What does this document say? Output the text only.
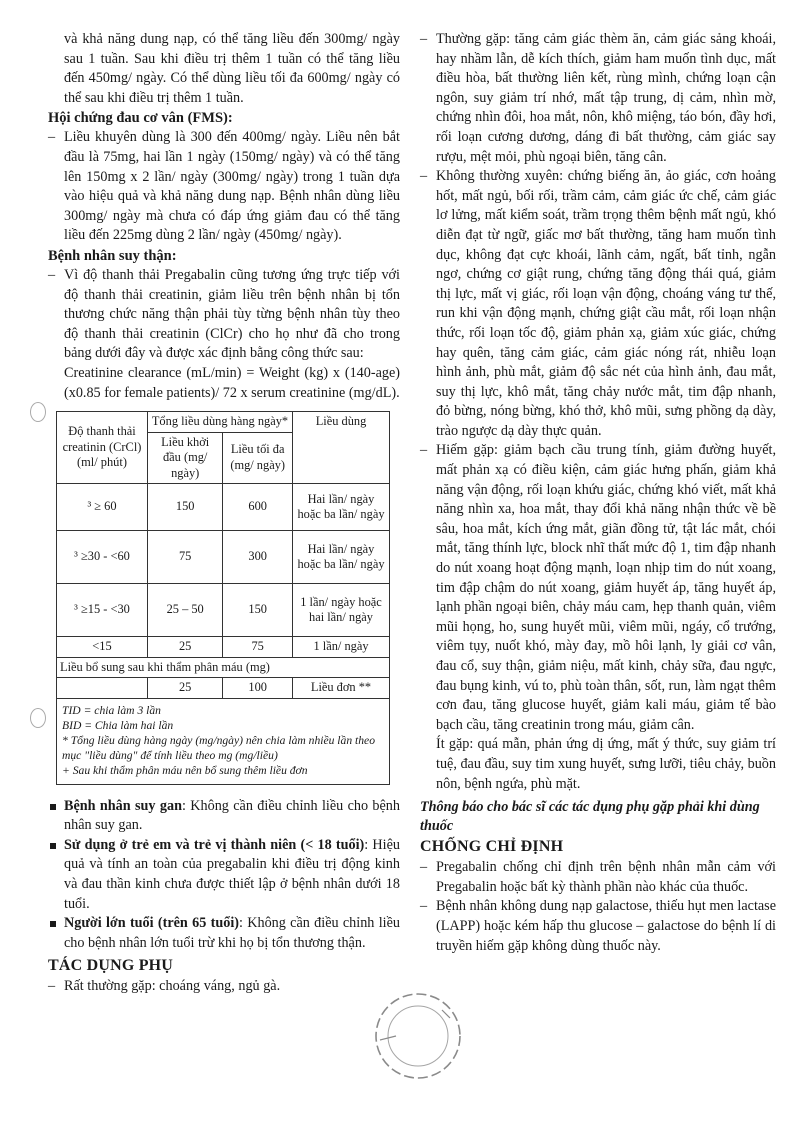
và khả năng dung nạp, có thể tăng liều đến 300mg/ ngày sau 1 tuần. Sau khi điều trị thêm 1 tuần có thể tăng liều đến 450mg/ ngày. Có thể dùng liều tối đa 600mg/ ngày có thể sau khi điều trị thêm 1 tuần.

Hội chứng đau cơ vân (FMS):

– Liều khuyên dùng là 300 đến 400mg/ ngày. Liều nên bắt đầu là 75mg, hai lần 1 ngày (150mg/ ngày) và có thể tăng lên 150mg x 2 lần/ ngày (300mg/ ngày) trong 1 tuần dựa vào hiệu quả và khả năng dung nạp. Bệnh nhân dùng liều 300mg/ ngày mà chưa có đáp ứng giảm đau có thể tăng liều đến 225mg dùng 2 lần/ ngày (450mg/ ngày).

Bệnh nhân suy thận:

– Vì độ thanh thải Pregabalin cũng tương ứng trực tiếp với độ thanh thải creatinin, giảm liều trên bệnh nhân bị tổn thương chức năng thận phải tùy từng bệnh nhân tùy theo độ thanh thải creatinin (ClCr) cho họ như đã cho trong bảng dưới đây và được xác định bằng công thức sau:

Creatinine clearance (mL/min) = Weight (kg) x (140-age) (x0.85 for female patients)/ 72 x serum creatinine (mg/dL).

Độ thanh thải creatinin (CrCl) (ml/ phút)	Tổng liều dùng hàng ngày*		Liều dùng
	Liều khởi đầu (mg/ ngày)	Liều tối đa (mg/ ngày)	
³ ≥ 60	150	600	Hai lần/ ngày hoặc ba lần/ ngày
³ ≥30 - <60	75	300	Hai lần/ ngày hoặc ba lần/ ngày
³ ≥15 - <30	25 – 50	150	1 lần/ ngày hoặc hai lần/ ngày
<15	25	75	1 lần/ ngày
Liều bổ sung sau khi thẩm phân máu (mg)			
	25	100	Liều đơn **

TID = chia làm 3 lần
BID = Chia làm hai lần
* Tổng liều dùng hàng ngày (mg/ngày) nên chia làm nhiều lần theo mục "liều dùng" để tính liều theo mg (mg/liều)
+ Sau khi thẩm phân máu nên bổ sung thêm liều đơn			

Bệnh nhân suy gan: Không cần điều chỉnh liều cho bệnh nhân suy gan.

Sử dụng ở trẻ em và trẻ vị thành niên (< 18 tuổi): Hiệu quả và tính an toàn của pregabalin khi điều trị động kinh và đau thần kinh chưa được thiết lập ở bệnh nhân dưới 18 tuổi.

Người lớn tuổi (trên 65 tuổi): Không cần điều chỉnh liều cho bệnh nhân lớn tuổi trừ khi họ bị tổn thương thận.

TÁC DỤNG PHỤ

– Rất thường gặp: choáng váng, ngủ gà.

– Thường gặp: tăng cảm giác thèm ăn, cảm giác sảng khoái, hay nhầm lẫn, dễ kích thích, giảm ham muốn tình dục, mất điều hòa, bất thường liên kết, rùng mình, chứng loạn cận ngôn, suy giảm trí nhớ, mất tập trung, dị cảm, nhìn mờ, chứng nhìn đôi, hoa mắt, nôn, khô miệng, táo bón, đầy hơi, rối loạn cương dương, dáng đi bất thường, cảm giác say rượu, mệt mỏi, phù ngoại biên, tăng cân.

– Không thường xuyên: chứng biếng ăn, ảo giác, cơn hoảng hốt, mất ngủ, bối rối, trầm cảm, cảm giác ức chế, cảm giác lơ lửng, mất kiểm soát, trầm trọng thêm bệnh mất ngủ, khó diễn đạt từ ngữ, giấc mơ bất thường, tăng ham muốn tình dục, không đạt cực khoái, lãnh cảm, ngất, bất tỉnh, ngẫn ngơ, chứng cơ giật rung, chứng tăng động thái quá, giảm thị lực, mất vị giác, rối loạn vận động, choáng váng tư thế, run khi vận động mạnh, chứng giật cầu mắt, rối loạn nhận thức, rối loạn tốc độ, giảm phản xạ, giảm xúc giác, chứng hay quên, tăng cảm giác, cảm giác nóng rát, nhiễu loạn hình ảnh, phù mắt, giảm độ sắc nét của hình ảnh, đau mắt, suy thị lực, khô mắt, tăng chảy nước mắt, tim đập nhanh, đỏ bừng, nóng bừng, khó thở, khô mũi, sưng phồng dạ dày, trào ngược dạ dày thực quản.

– Hiếm gặp: giảm bạch cầu trung tính, giảm đường huyết, mất phản xạ có điều kiện, cảm giác hưng phấn, giảm khả năng vận động, rối loạn khứu giác, chứng khó viết, mất khả năng nhìn xa, hoa mắt, thay đổi khả năng nhận thức về bề sâu, hoa mắt, kích ứng mắt, giãn đồng tử, tật lác mắt, chói mắt, tăng thính lực, block nhĩ thất mức độ 1, tim đập nhanh do nút xoang hoạt động mạnh, loạn nhịp tim do nút xoang, tim đập chậm do nút xoang, giảm huyết áp, tăng huyết áp, lạnh phần ngoại biên, chảy máu cam, hẹp thanh quản, viêm mũi họng, ho, sung huyết mũi, viêm mũi, ngáy, cổ trướng, viêm tụy, nuốt khó, mày đay, mồ hôi lạnh, ly giải cơ vân, đau cổ, suy thận, giảm niệu, mất kinh, chảy sữa, đau ngực, đau bụng kinh, vú to, phù toàn thân, sốt, run, làm ngạt thêm cơn đau, tăng glucose huyết, giảm kali máu, giảm tế bào bạch cầu, tăng creatinin trong máu, giảm cân.

Ít gặp: quá mẫn, phản ứng dị ứng, mất ý thức, suy giảm trí tuệ, đau đầu, suy tim xung huyết, sưng lưỡi, tiêu chảy, buồn nôn, bệnh ngứa, phù mặt.

Thông báo cho bác sĩ các tác dụng phụ gặp phải khi dùng thuốc

CHỐNG CHỈ ĐỊNH

– Pregabalin chống chỉ định trên bệnh nhân mẫn cảm với Pregabalin hoặc bất kỳ thành phần nào khác của thuốc.

– Bệnh nhân không dung nạp galactose, thiếu hụt men lactase (LAPP) hoặc kém hấp thu glucose – galactose do bệnh lí di truyền hiếm gặp không dùng thuốc này.
